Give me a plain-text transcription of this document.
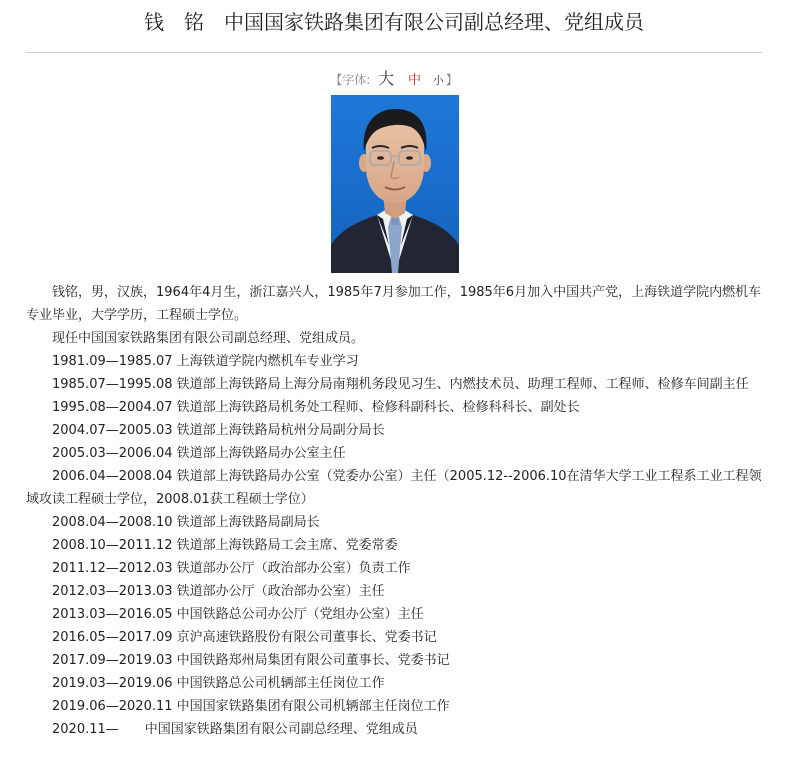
钱　铭　中国国家铁路集团有限公司副总经理、党组成员
【字体: 大 中 小 】

钱铭，男，汉族，1964年4月生，浙江嘉兴人，1985年7月参加工作，1985年6月加入中国共产党，上海铁道学院内燃机车专业毕业，大学学历，工程硕士学位。

现任中国国家铁路集团有限公司副总经理、党组成员。

1981.09—1985.07 上海铁道学院内燃机车专业学习
1985.07—1995.08 铁道部上海铁路局上海分局南翔机务段见习生、内燃技术员、助理工程师、工程师、检修车间副主任
1995.08—2004.07 铁道部上海铁路局机务处工程师、检修科副科长、检修科科长、副处长
2004.07—2005.03 铁道部上海铁路局杭州分局副分局长
2005.03—2006.04 铁道部上海铁路局办公室主任
2006.04—2008.04 铁道部上海铁路局办公室（党委办公室）主任（2005.12--2006.10在清华大学工业工程系工业工程领域攻读工程硕士学位，2008.01获工程硕士学位）
2008.04—2008.10 铁道部上海铁路局副局长
2008.10—2011.12 铁道部上海铁路局工会主席、党委常委
2011.12—2012.03 铁道部办公厅（政治部办公室）负责工作
2012.03—2013.03 铁道部办公厅（政治部办公室）主任
2013.03—2016.05 中国铁路总公司办公厅（党组办公室）主任
2016.05—2017.09 京沪高速铁路股份有限公司董事长、党委书记
2017.09—2019.03 中国铁路郑州局集团有限公司董事长、党委书记
2019.03—2019.06 中国铁路总公司机辆部主任岗位工作
2019.06—2020.11 中国国家铁路集团有限公司机辆部主任岗位工作
2020.11— 中国国家铁路集团有限公司副总经理、党组成员
